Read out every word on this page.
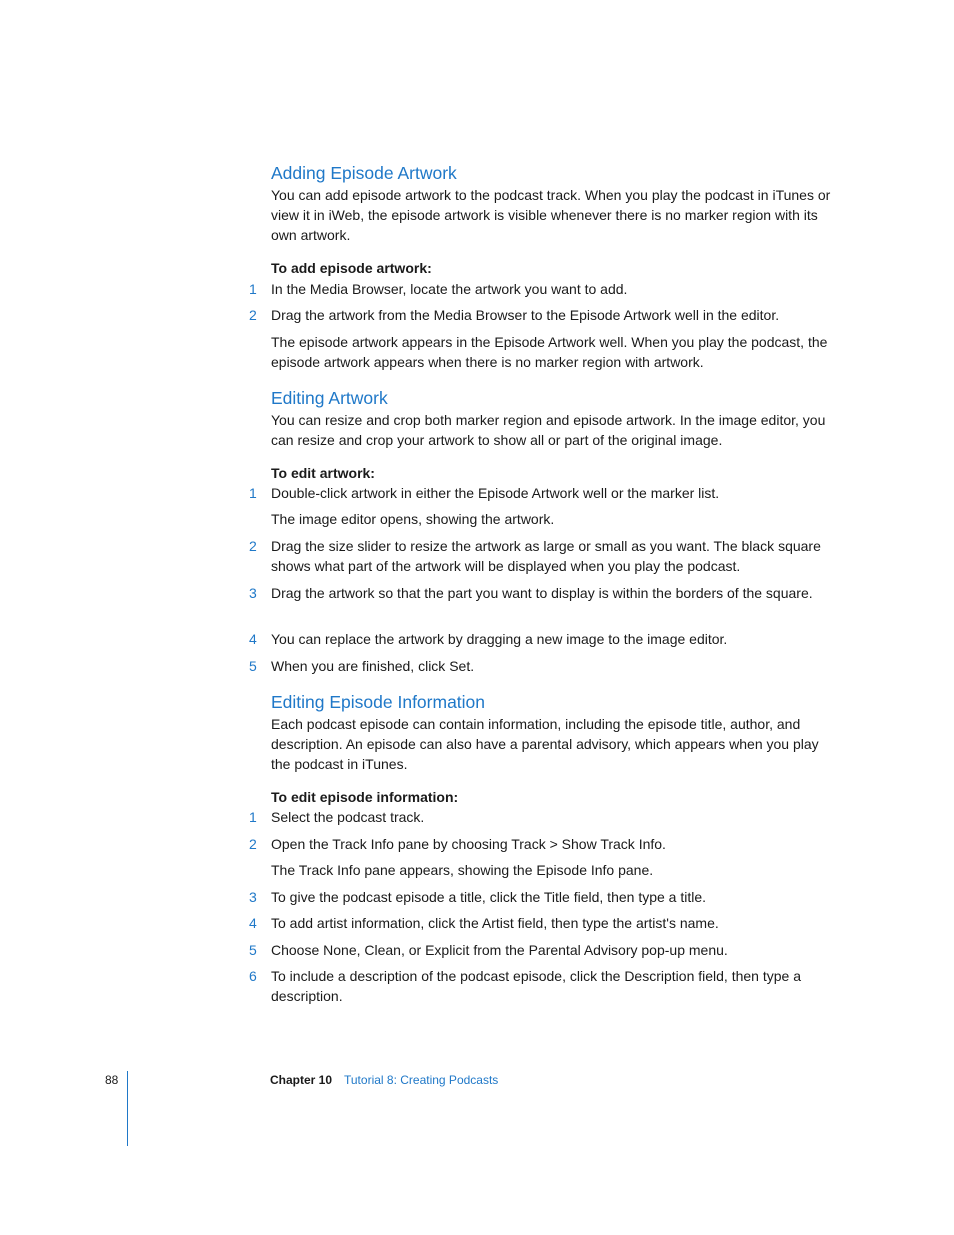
Adding Episode Artwork

You can add episode artwork to the podcast track. When you play the podcast in iTunes or view it in iWeb, the episode artwork is visible whenever there is no marker region with its own artwork.

To add episode artwork:
1	In the Media Browser, locate the artwork you want to add.

2	Drag the artwork from the Media Browser to the Episode Artwork well in the editor.

The episode artwork appears in the Episode Artwork well. When you play the podcast, the episode artwork appears when there is no marker region with artwork.

Editing Artwork

You can resize and crop both marker region and episode artwork. In the image editor, you can resize and crop your artwork to show all or part of the original image.

To edit artwork:
1	Double-click artwork in either the Episode Artwork well or the marker list.

The image editor opens, showing the artwork.

2	Drag the size slider to resize the artwork as large or small as you want. The black square shows what part of the artwork will be displayed when you play the podcast.

3	Drag the artwork so that the part you want to display is within the borders of the square.

4	You can replace the artwork by dragging a new image to the image editor.

5	When you are finished, click Set.

Editing Episode Information

Each podcast episode can contain information, including the episode title, author, and description. An episode can also have a parental advisory, which appears when you play the podcast in iTunes.

To edit episode information:
1	Select the podcast track.

2	Open the Track Info pane by choosing Track > Show Track Info.

The Track Info pane appears, showing the Episode Info pane.

3	To give the podcast episode a title, click the Title field, then type a title.

4	To add artist information, click the Artist field, then type the artist's name.

5	Choose None, Clean, or Explicit from the Parental Advisory pop-up menu.

6	To include a description of the podcast episode, click the Description field, then type a description.

88	Chapter 10 Tutorial 8: Creating Podcasts
